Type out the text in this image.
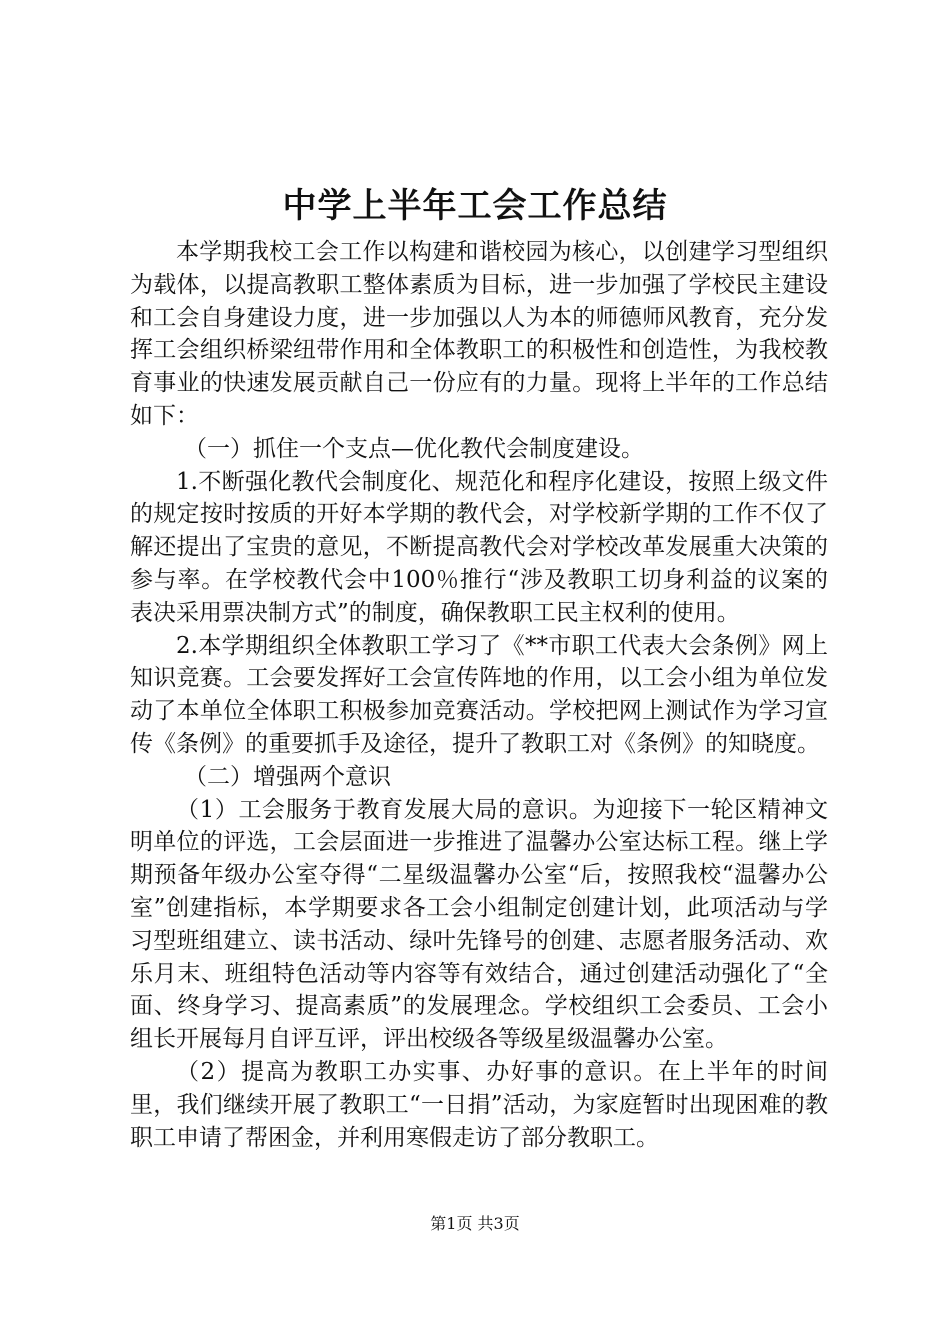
中学上半年工会工作总结

本学期我校工会工作以构建和谐校园为核心，以创建学习型组织为载体，以提高教职工整体素质为目标，进一步加强了学校民主建设和工会自身建设力度，进一步加强以人为本的师德师风教育，充分发挥工会组织桥梁纽带作用和全体教职工的积极性和创造性，为我校教育事业的快速发展贡献自己一份应有的力量。现将上半年的工作总结如下：

（一）抓住一个支点—优化教代会制度建设。

1.不断强化教代会制度化、规范化和程序化建设，按照上级文件的规定按时按质的开好本学期的教代会，对学校新学期的工作不仅了解还提出了宝贵的意见，不断提高教代会对学校改革发展重大决策的参与率。在学校教代会中100％推行“涉及教职工切身利益的议案的表决采用票决制方式”的制度，确保教职工民主权利的使用。

2.本学期组织全体教职工学习了《**市职工代表大会条例》网上知识竞赛。工会要发挥好工会宣传阵地的作用，以工会小组为单位发动了本单位全体职工积极参加竞赛活动。学校把网上测试作为学习宣传《条例》的重要抓手及途径，提升了教职工对《条例》的知晓度。

（二）增强两个意识

（1）工会服务于教育发展大局的意识。为迎接下一轮区精神文明单位的评选，工会层面进一步推进了温馨办公室达标工程。继上学期预备年级办公室夺得“二星级温馨办公室“后，按照我校“温馨办公室”创建指标，本学期要求各工会小组制定创建计划，此项活动与学习型班组建立、读书活动、绿叶先锋号的创建、志愿者服务活动、欢乐月末、班组特色活动等内容等有效结合，通过创建活动强化了“全面、终身学习、提高素质”的发展理念。学校组织工会委员、工会小组长开展每月自评互评，评出校级各等级星级温馨办公室。

（2）提高为教职工办实事、办好事的意识。在上半年的时间里，我们继续开展了教职工“一日捐”活动，为家庭暂时出现困难的教职工申请了帮困金，并利用寒假走访了部分教职工。

第1页 共3页
